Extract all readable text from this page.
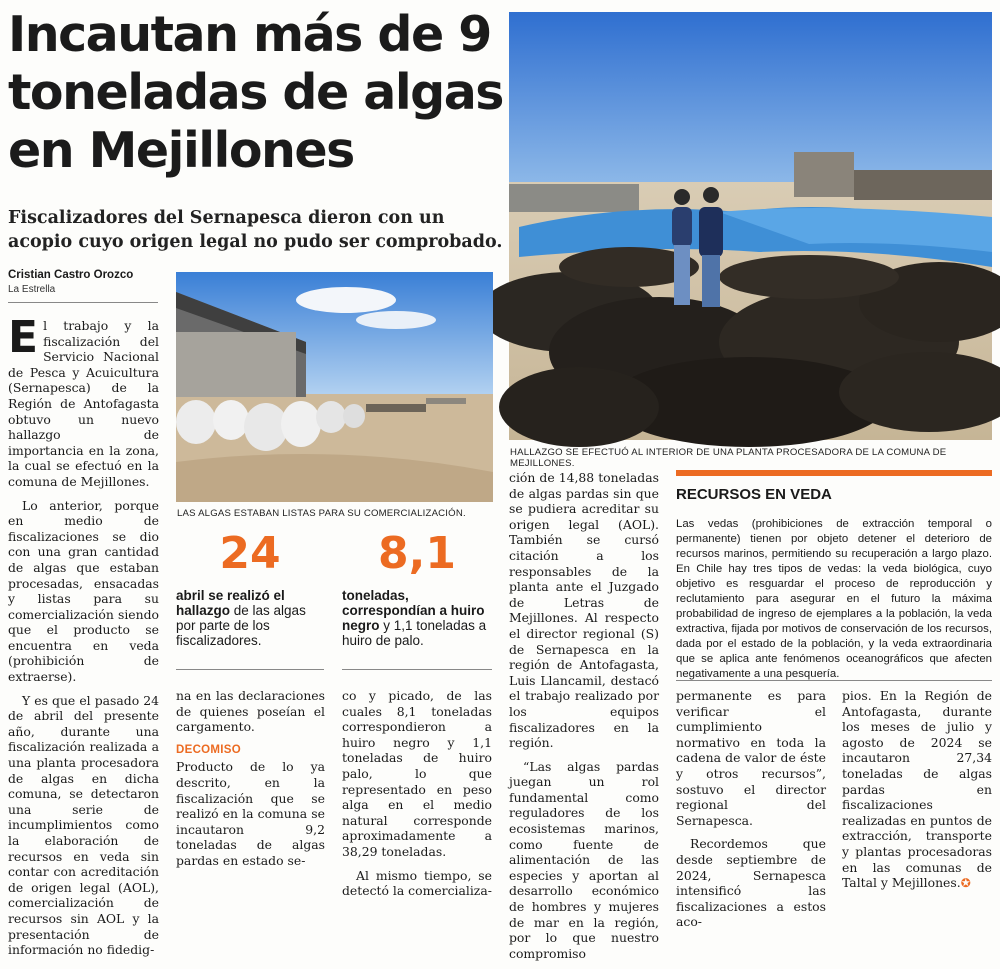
Incautan más de 9
toneladas de algas
en Mejillones
Fiscalizadores del Sernapesca dieron con un acopio cuyo origen legal no pudo ser comprobado.
Cristian Castro Orozco
La Estrella
HALLAZGO SE EFECTUÓ AL INTERIOR DE UNA PLANTA PROCESADORA DE LA COMUNA DE MEJILLONES.
LAS ALGAS ESTABAN LISTAS PARA SU COMERCIALIZACIÓN.
24
abril se realizó el hallazgo de las algas por parte de los fiscalizadores.
8,1
toneladas, correspondían a huiro negro y 1,1 toneladas a huiro de palo.

El trabajo y la fiscalización del Servicio Nacional de Pesca y Acuicultura (Sernapesca) de la Región de Antofagasta obtuvo un nuevo hallazgo de importancia en la zona, la cual se efectuó en la comuna de Mejillones.

Lo anterior, porque en medio de fiscalizaciones se dio con una gran cantidad de algas que estaban procesadas, ensacadas y listas para su comercialización siendo que el producto se encuentra en veda (prohibición de extraerse).

Y es que el pasado 24 de abril del presente año, durante una fiscalización realizada a una planta procesadora de algas en dicha comuna, se detectaron una serie de incumplimientos como la elaboración de recursos en veda sin contar con acreditación de origen legal (AOL), comercialización de recursos sin AOL y la presentación de información no fidedig-

na en las declaraciones de quienes poseían el cargamento.

DECOMISO

Producto de lo ya descrito, en la fiscalización que se realizó en la comuna se incautaron 9,2 toneladas de algas pardas en estado se-

co y picado, de las cuales 8,1 toneladas correspondieron a huiro negro y 1,1 toneladas de huiro palo, lo que representado en peso alga en el medio natural corresponde aproximadamente a 38,29 toneladas.

Al mismo tiempo, se detectó la comercializa-

ción de 14,88 toneladas de algas pardas sin que se pudiera acreditar su origen legal (AOL). También se cursó citación a los responsables de la planta ante el Juzgado de Letras de Mejillones. Al respecto el director regional (S) de Sernapesca en la región de Antofagasta, Luis Llancamil, destacó el trabajo realizado por los equipos fiscalizadores en la región.

“Las algas pardas juegan un rol fundamental como reguladores de los ecosistemas marinos, como fuente de alimentación de las especies y aportan al desarrollo económico de hombres y mujeres de mar en la región, por lo que nuestro compromiso

RECURSOS EN VEDA
Las vedas (prohibiciones de extracción temporal o permanente) tienen por objeto detener el deterioro de recursos marinos, permitiendo su recuperación a largo plazo. En Chile hay tres tipos de vedas: la veda biológica, cuyo objetivo es resguardar el proceso de reproducción y reclutamiento para asegurar en el futuro la máxima probabilidad de ingreso de ejemplares a la población, la veda extractiva, fijada por motivos de conservación de los recursos, dada por el estado de la población, y la veda extraordinaria que se aplica ante fenómenos oceanográficos que afecten negativamente a una pesquería.

permanente es para verificar el cumplimiento normativo en toda la cadena de valor de éste y otros recursos”, sostuvo el director regional del Sernapesca.

Recordemos que desde septiembre de 2024, Sernapesca intensificó las fiscalizaciones a estos aco-

pios. En la Región de Antofagasta, durante los meses de julio y agosto de 2024 se incautaron 27,34 toneladas de algas pardas en fiscalizaciones realizadas en puntos de extracción, transporte y plantas procesadoras en las comunas de Taltal y Mejillones.✪
